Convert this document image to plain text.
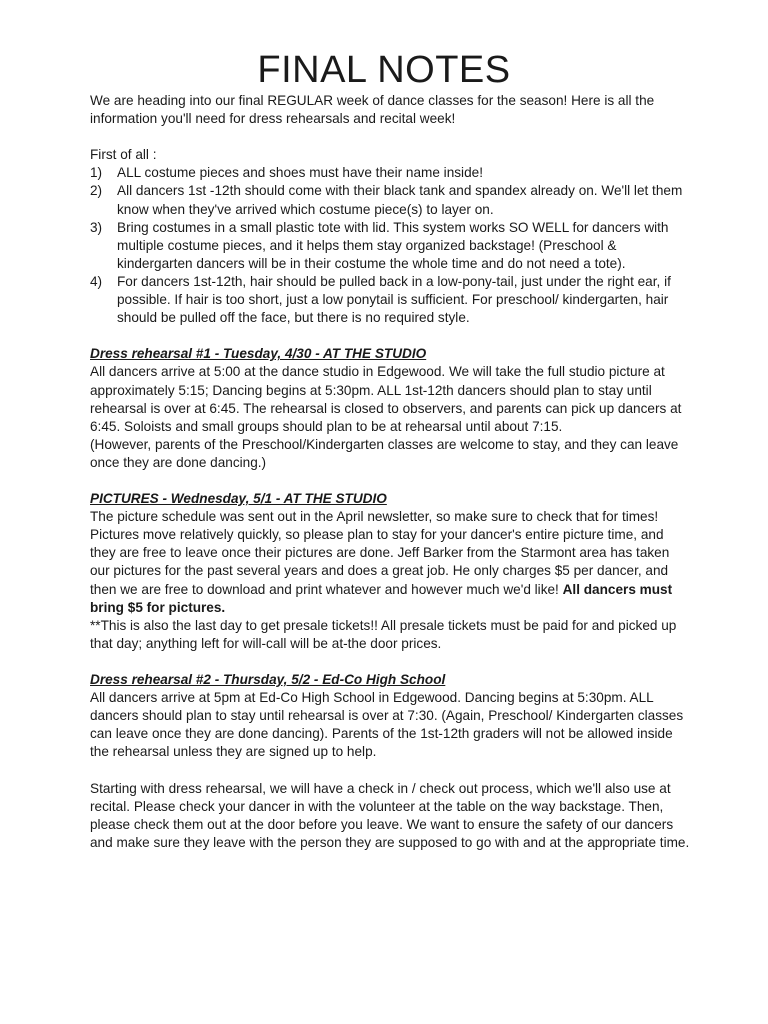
FINAL NOTES

We are heading into our final REGULAR week of dance classes for the season! Here is all the information you'll need for dress rehearsals and recital week!

First of all :

1) ALL costume pieces and shoes must have their name inside!
2) All dancers 1st -12th should come with their black tank and spandex already on. We'll let them know when they've arrived which costume piece(s) to layer on.
3) Bring costumes in a small plastic tote with lid. This system works SO WELL for dancers with multiple costume pieces, and it helps them stay organized backstage! (Preschool & kindergarten dancers will be in their costume the whole time and do not need a tote).
4) For dancers 1st-12th, hair should be pulled back in a low-pony-tail, just under the right ear, if possible. If hair is too short, just a low ponytail is sufficient. For preschool/ kindergarten, hair should be pulled off the face, but there is no required style.

Dress rehearsal #1 - Tuesday, 4/30 - AT THE STUDIO

All dancers arrive at 5:00 at the dance studio in Edgewood. We will take the full studio picture at approximately 5:15; Dancing begins at 5:30pm. ALL 1st-12th dancers should plan to stay until rehearsal is over at 6:45. The rehearsal is closed to observers, and parents can pick up dancers at 6:45. Soloists and small groups should plan to be at rehearsal until about 7:15.

(However, parents of the Preschool/Kindergarten classes are welcome to stay, and they can leave once they are done dancing.)

PICTURES - Wednesday, 5/1 - AT THE STUDIO

The picture schedule was sent out in the April newsletter, so make sure to check that for times! Pictures move relatively quickly, so please plan to stay for your dancer's entire picture time, and they are free to leave once their pictures are done. Jeff Barker from the Starmont area has taken our pictures for the past several years and does a great job. He only charges $5 per dancer, and then we are free to download and print whatever and however much we'd like! All dancers must bring $5 for pictures.

**This is also the last day to get presale tickets!! All presale tickets must be paid for and picked up that day; anything left for will-call will be at-the door prices.

Dress rehearsal #2 - Thursday, 5/2 - Ed-Co High School

All dancers arrive at 5pm at Ed-Co High School in Edgewood. Dancing begins at 5:30pm. ALL dancers should plan to stay until rehearsal is over at 7:30. (Again, Preschool/ Kindergarten classes can leave once they are done dancing). Parents of the 1st-12th graders will not be allowed inside the rehearsal unless they are signed up to help.

Starting with dress rehearsal, we will have a check in / check out process, which we'll also use at recital. Please check your dancer in with the volunteer at the table on the way backstage. Then, please check them out at the door before you leave. We want to ensure the safety of our dancers and make sure they leave with the person they are supposed to go with and at the appropriate time.
